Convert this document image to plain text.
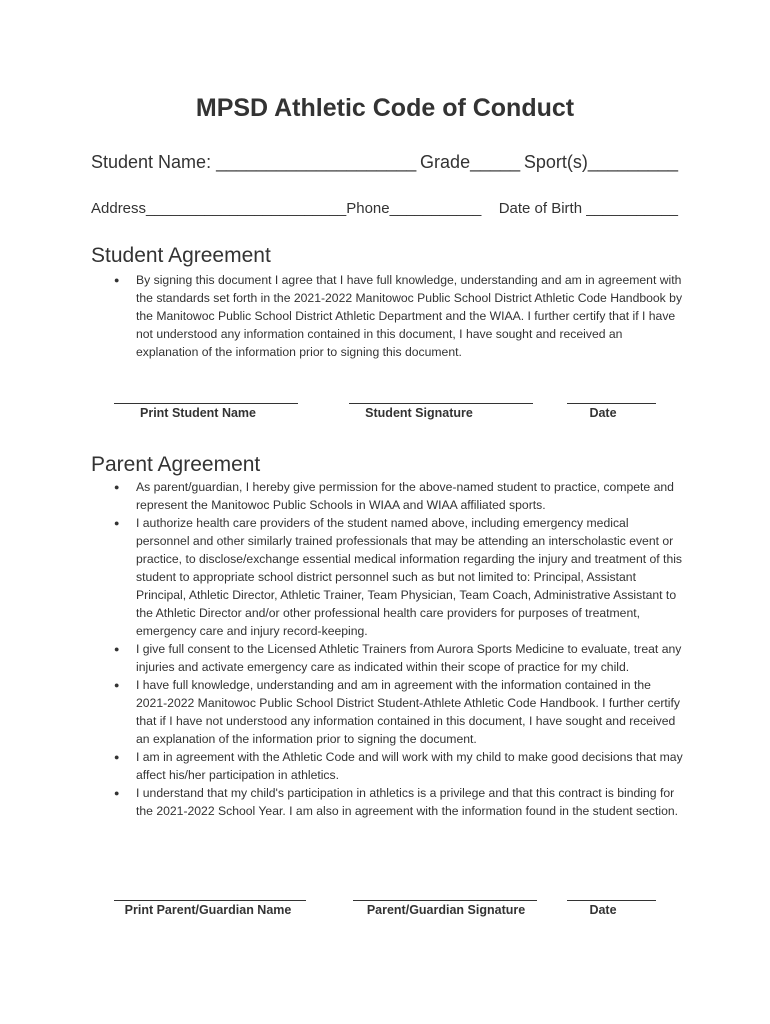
MPSD Athletic Code of Conduct
Student Name: ____________________ Grade_____ Sport(s)_________
Address________________________Phone___________ Date of Birth ___________
Student Agreement
● By signing this document I agree that I have full knowledge, understanding and am in agreement with the standards set forth in the 2021-2022 Manitowoc Public School District Athletic Code Handbook by the Manitowoc Public School District Athletic Department and the WIAA. I further certify that if I have not understood any information contained in this document, I have sought and received an explanation of the information prior to signing this document.
Print Student Name	Student Signature	Date
Parent Agreement
● As parent/guardian, I hereby give permission for the above-named student to practice, compete and represent the Manitowoc Public Schools in WIAA and WIAA affiliated sports.
● I authorize health care providers of the student named above, including emergency medical personnel and other similarly trained professionals that may be attending an interscholastic event or practice, to disclose/exchange essential medical information regarding the injury and treatment of this student to appropriate school district personnel such as but not limited to: Principal, Assistant Principal, Athletic Director, Athletic Trainer, Team Physician, Team Coach, Administrative Assistant to the Athletic Director and/or other professional health care providers for purposes of treatment, emergency care and injury record-keeping.
● I give full consent to the Licensed Athletic Trainers from Aurora Sports Medicine to evaluate, treat any injuries and activate emergency care as indicated within their scope of practice for my child.
● I have full knowledge, understanding and am in agreement with the information contained in the 2021-2022 Manitowoc Public School District Student-Athlete Athletic Code Handbook. I further certify that if I have not understood any information contained in this document, I have sought and received an explanation of the information prior to signing the document.
● I am in agreement with the Athletic Code and will work with my child to make good decisions that may affect his/her participation in athletics.
● I understand that my child's participation in athletics is a privilege and that this contract is binding for the 2021-2022 School Year. I am also in agreement with the information found in the student section.
Print Parent/Guardian Name	Parent/Guardian Signature	Date
